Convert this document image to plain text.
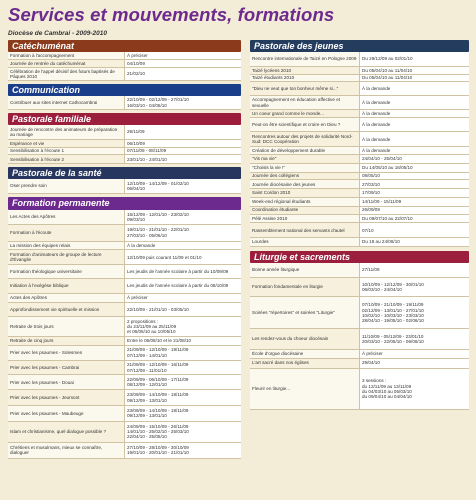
Services et mouvements, formations
Diocèse de Cambrai - 2009-2010
Catéchuménat
Formation à l'accompagnement	À préciser
Journée de rentrée du catéchuménat	04/10/09
Célébration de l'appel décisif des futurs baptisés de Pâques 2010	21/02/10
Communication
Contribuer aux sites internet Cathocambrai	22/10/09 - 02/12/09 - 27/01/10
16/03/10 - 04/05/10
Pastorale familiale
Journée de rencontre des animateurs de préparation au mariage	29/11/09
Espérance et vie	06/10/09
Sensibilisation à l'écoute 1	07/11/09 - 08/11/09
Sensibilisation à l'écoute 2	23/01/10 - 24/01/10
Pastorale de la santé
Oser prendre soin	12/10/09 - 14/12/09 - 01/02/10
06/04/10
Formation permanente
Les Actes des Apôtres	15/12/09 - 12/01/10 - 23/02/10
09/03/10
Formation à l'écoute	19/01/10 - 21/01/10 - 22/01/10
27/03/10 - 05/06/10
La mission des équipes relais	À la demande
Formation d'animateurs de groupe de lecture d'Évangile	12/10/09 puis courant 11/09 et 01/10
Formation théologique universitaire	Les jeudis de l'année scolaire à partir du 10/09/09
Initiation à l'exégèse biblique	Les jeudis de l'année scolaire à partir du 08/10/09
Actes des Apôtres	À préciser
Approfondissement vie spirituelle et mission	22/10/09 - 21/01/10 - 03/05/10
Retraite de trois jours	2 propositions :
du 23/11/09 au 25/11/09
et 06/05/10 au 10/05/10
Retraite de cinq jours	Entre le 06/08/10 et le 21/08/10
Prier avec les psaumes - Solesmes	21/09/09 - 12/10/09 - 19/11/09
07/12/09 - 14/01/10
Prier avec les psaumes - Cambrai	21/09/09 - 12/10/09 - 16/11/09
07/12/09 - 11/01/10
Prier avec les psaumes - Douai	22/09/09 - 06/10/09 - 17/11/09
08/12/09 - 12/01/10
Prier avec les psaumes - Jeumont	23/09/09 - 14/10/09 - 18/11/09
09/12/09 - 13/01/10
Prier avec les psaumes - Maubeuge	23/09/09 - 14/10/09 - 18/11/09
09/12/09 - 13/01/10
Islam et christianisme, quel dialogue possible ?	24/09/09 - 15/10/09 - 26/11/09
14/01/10 - 25/02/10 - 25/03/10
22/04/10 - 25/05/10
Chrétiens et musulmans, mieux se connaître, dialoguer	27/10/09 - 28/10/09 - 30/10/09
19/01/10 - 20/01/10 - 21/01/10
Pastorale des jeunes
Rencontre internationale de Taizé en Pologne 2009	Du 29/12/09 au 02/01/10
Taizé lycéens 2010	Du 05/04/10 au 11/04/10
Taizé étudiants 2010	Du 05/04/10 au 11/04/10
"Dieu ne veut que ton bonheur même si..."	À la demande
Accompagnement en éducation affective et sexuelle	À la demande
Un coeur grand comme le monde...	À la demande
Peut-on être scientifique et croire en Dieu ?	À la demande
Rencontres autour des projets de solidarité Nord-Sud: DCC Coopération	À la demande
Création de développement durable	À la demande
"Vis ma vie"	24/04/10 - 25/04/10
"Choisis la vie !"	Du 14/05/10 au 16/05/10
Journée des collégiens	08/05/10
Journée diocésaine des jeunes	27/03/10
Saint Cordon 2010	17/09/10
Week-end régional étudiants	14/11/09 - 15/11/09
Coordination étudiante	26/09/09
Pélé Assise 2010	Du 09/07/10 au 22/07/10
Rassemblement national des servants d'autel	07/10
Lourdes	Du 18 au 24/08/10
Liturgie et sacrements
Bonne année liturgique	27/11/09
Formation fondamentale en liturgie	10/10/09 - 12/12/09 - 30/01/10
06/03/10 - 24/04/10
Soirées "répertoires" et soirées "Liturgie"	07/10/09 - 21/10/09 - 19/11/09
02/12/09 - 13/01/10 - 27/01/10
10/02/10 - 10/03/10 - 23/03/10
28/04/10 - 19/05/10 - 02/06/10
Les rendez-vous du choeur diocésain	11/10/09 - 05/12/09 - 23/01/10
20/03/10 - 22/05/10 - 06/06/10
École d'orgue diocésaine	À préciser
L'art sacré dans nos églises	29/04/10
Fleurir en liturgie...	3 sessions :
du 12/11/09 au 13/11/09
du 04/03/10 au 05/03/10
du 09/04/10 au 04/04/10
